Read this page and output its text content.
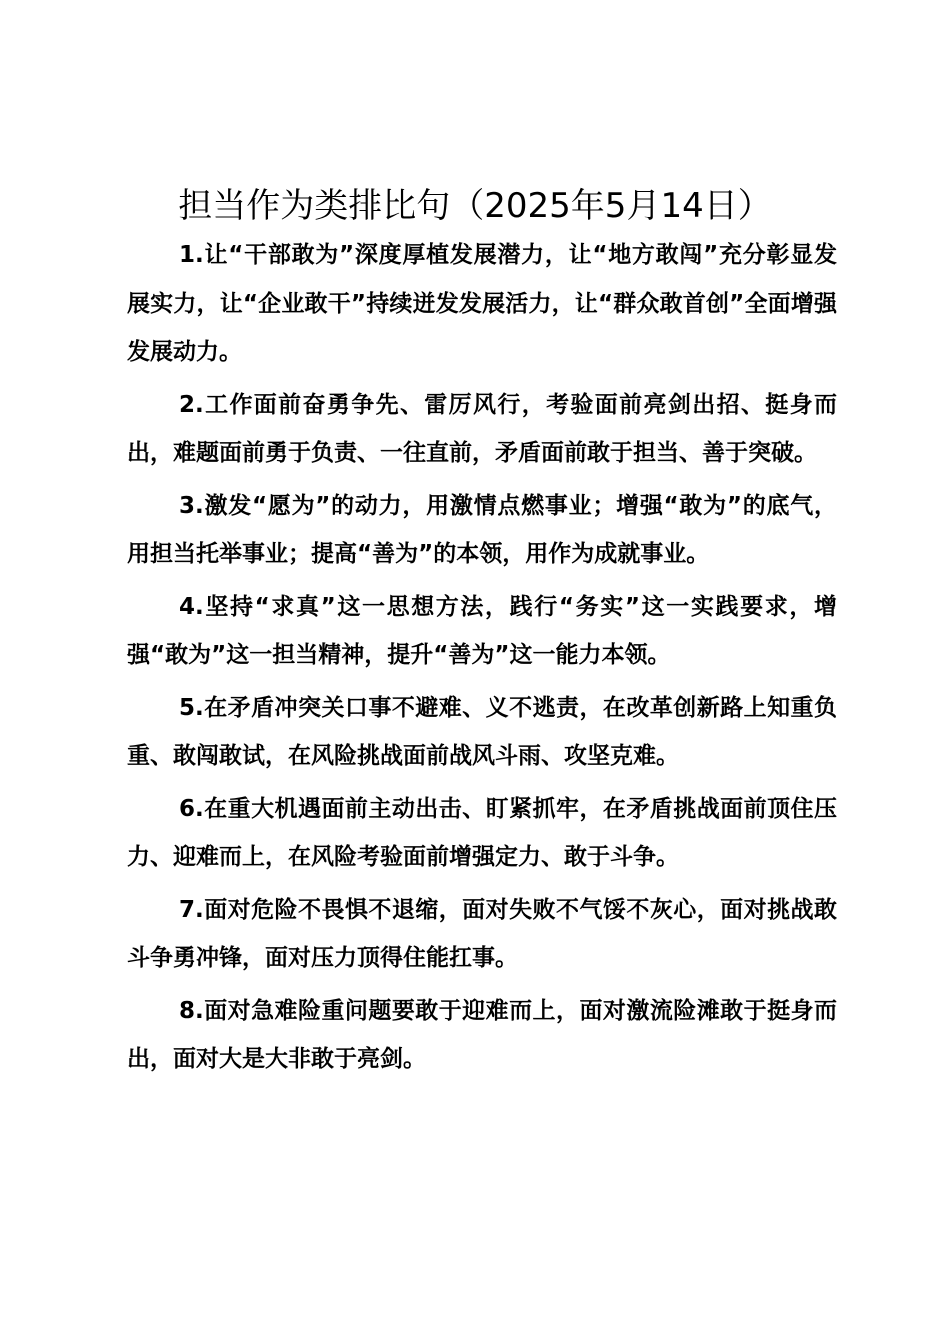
担当作为类排比句（2025年5月14日）

1.让“干部敢为”深度厚植发展潜力，让“地方敢闯”充分彰显发展实力，让“企业敢干”持续迸发发展活力，让“群众敢首创”全面增强发展动力。

2.工作面前奋勇争先、雷厉风行，考验面前亮剑出招、挺身而出，难题面前勇于负责、一往直前，矛盾面前敢于担当、善于突破。

3.激发“愿为”的动力，用激情点燃事业；增强“敢为”的底气，用担当托举事业；提高“善为”的本领，用作为成就事业。

4.坚持“求真”这一思想方法，践行“务实”这一实践要求，增强“敢为”这一担当精神，提升“善为”这一能力本领。

5.在矛盾冲突关口事不避难、义不逃责，在改革创新路上知重负重、敢闯敢试，在风险挑战面前战风斗雨、攻坚克难。

6.在重大机遇面前主动出击、盯紧抓牢，在矛盾挑战面前顶住压力、迎难而上，在风险考验面前增强定力、敢于斗争。

7.面对危险不畏惧不退缩，面对失败不气馁不灰心，面对挑战敢斗争勇冲锋，面对压力顶得住能扛事。

8.面对急难险重问题要敢于迎难而上，面对激流险滩敢于挺身而出，面对大是大非敢于亮剑。
